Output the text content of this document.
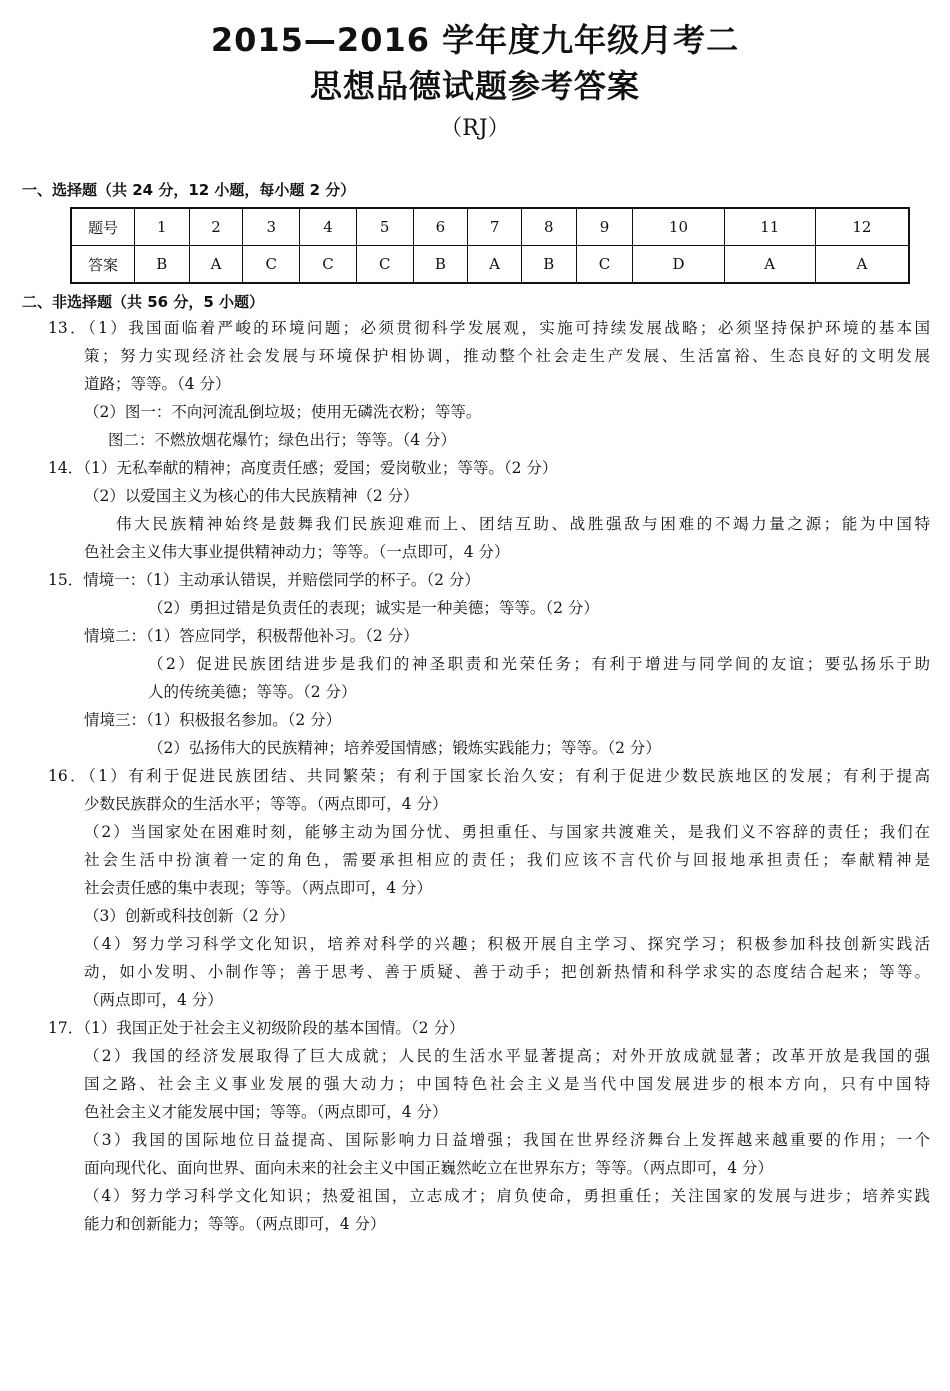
2015—2016 学年度九年级月考二
思想品德试题参考答案
（RJ）
一、选择题（共 24 分，12 小题，每小题 2 分）
题号	1	2	3	4	5	6	7	8	9	10	11	12
答案	B	A	C	C	C	B	A	B	C	D	A	A
二、非选择题（共 56 分，5 小题）
13．（1）我国面临着严峻的环境问题；必须贯彻科学发展观，实施可持续发展战略；必须坚持保护环境的基本国
策；努力实现经济社会发展与环境保护相协调，推动整个社会走生产发展、生活富裕、生态良好的文明发展
道路；等等。（4 分）
（2）图一：不向河流乱倒垃圾；使用无磷洗衣粉；等等。
图二：不燃放烟花爆竹；绿色出行；等等。（4 分）
14．（1）无私奉献的精神；高度责任感；爱国；爱岗敬业；等等。（2 分）
（2）以爱国主义为核心的伟大民族精神（2 分）
伟大民族精神始终是鼓舞我们民族迎难而上、团结互助、战胜强敌与困难的不竭力量之源；能为中国特
色社会主义伟大事业提供精神动力；等等。（一点即可，4 分）
15．情境一：（1）主动承认错误，并赔偿同学的杯子。（2 分）
（2）勇担过错是负责任的表现；诚实是一种美德；等等。（2 分）
情境二：（1）答应同学，积极帮他补习。（2 分）
（2）促进民族团结进步是我们的神圣职责和光荣任务；有利于增进与同学间的友谊；要弘扬乐于助
人的传统美德；等等。（2 分）
情境三：（1）积极报名参加。（2 分）
（2）弘扬伟大的民族精神；培养爱国情感；锻炼实践能力；等等。（2 分）
16．（1）有利于促进民族团结、共同繁荣；有利于国家长治久安；有利于促进少数民族地区的发展；有利于提高
少数民族群众的生活水平；等等。（两点即可，4 分）
（2）当国家处在困难时刻，能够主动为国分忧、勇担重任、与国家共渡难关，是我们义不容辞的责任；我们在
社会生活中扮演着一定的角色，需要承担相应的责任；我们应该不言代价与回报地承担责任；奉献精神是
社会责任感的集中表现；等等。（两点即可，4 分）
（3）创新或科技创新（2 分）
（4）努力学习科学文化知识，培养对科学的兴趣；积极开展自主学习、探究学习；积极参加科技创新实践活
动，如小发明、小制作等；善于思考、善于质疑、善于动手；把创新热情和科学求实的态度结合起来；等等。
（两点即可，4 分）
17．（1）我国正处于社会主义初级阶段的基本国情。（2 分）
（2）我国的经济发展取得了巨大成就；人民的生活水平显著提高；对外开放成就显著；改革开放是我国的强
国之路、社会主义事业发展的强大动力；中国特色社会主义是当代中国发展进步的根本方向，只有中国特
色社会主义才能发展中国；等等。（两点即可，4 分）
（3）我国的国际地位日益提高、国际影响力日益增强；我国在世界经济舞台上发挥越来越重要的作用；一个
面向现代化、面向世界、面向未来的社会主义中国正巍然屹立在世界东方；等等。（两点即可，4 分）
（4）努力学习科学文化知识；热爱祖国，立志成才；肩负使命，勇担重任；关注国家的发展与进步；培养实践
能力和创新能力；等等。（两点即可，4 分）
